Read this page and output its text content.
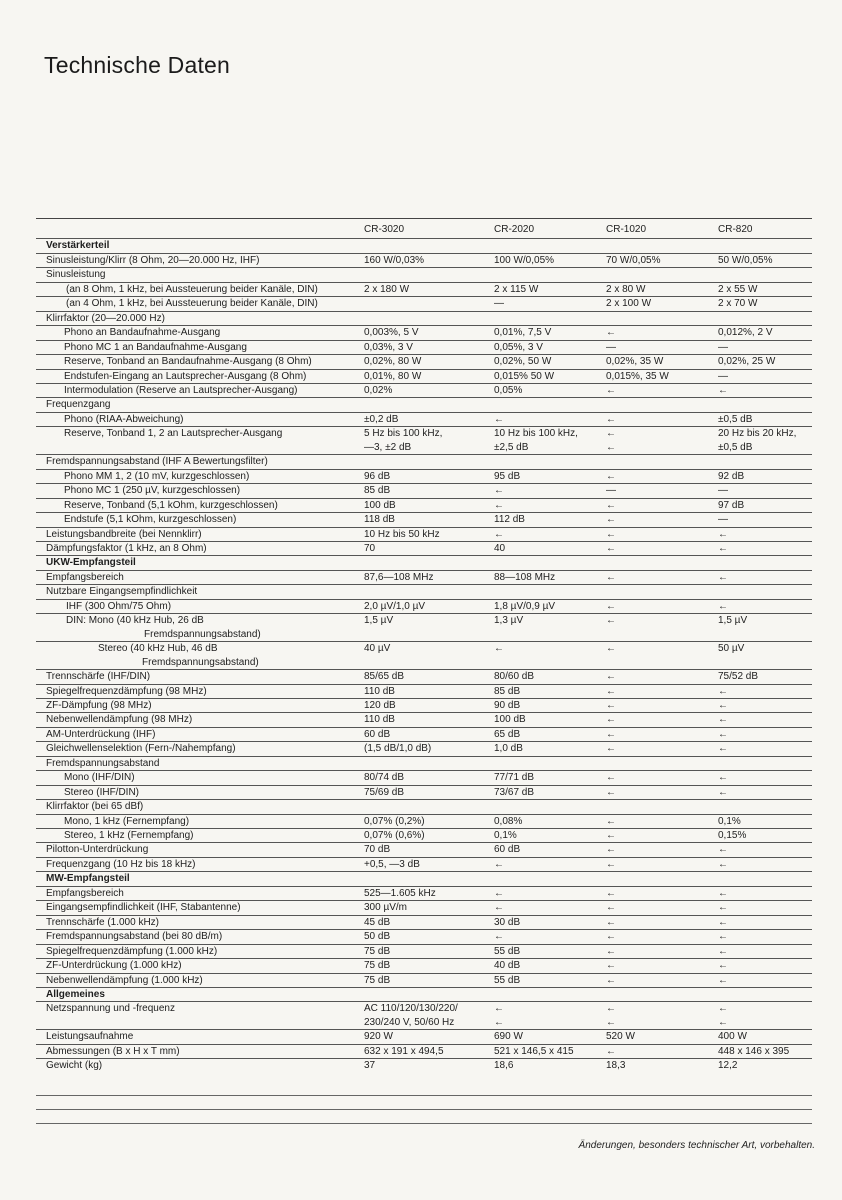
Technische Daten
	CR-3020	CR-2020	CR-1020	CR-820
Verstärkerteil				
Sinusleistung/Klirr (8 Ohm, 20—20.000 Hz, IHF)	160 W/0,03%	100 W/0,05%	70 W/0,05%	50 W/0,05%
Sinusleistung				
(an 8 Ohm, 1 kHz, bei Aussteuerung beider Kanäle, DIN)	2 x 180 W	2 x 115 W	2 x 80 W	2 x 55 W
(an 4 Ohm, 1 kHz, bei Aussteuerung beider Kanäle, DIN)		—	2 x 100 W	2 x 70 W
Klirrfaktor (20—20.000 Hz)				
Phono an Bandaufnahme-Ausgang	0,003%, 5 V	0,01%, 7,5 V	←	0,012%, 2 V
Phono MC 1 an Bandaufnahme-Ausgang	0,03%, 3 V	0,05%, 3 V	—	—
Reserve, Tonband an Bandaufnahme-Ausgang (8 Ohm)	0,02%, 80 W	0,02%, 50 W	0,02%, 35 W	0,02%, 25 W
Endstufen-Eingang an Lautsprecher-Ausgang (8 Ohm)	0,01%, 80 W	0,015% 50 W	0,015%, 35 W	—
Intermodulation (Reserve an Lautsprecher-Ausgang)	0,02%	0,05%	←	←
Frequenzgang				
Phono (RIAA-Abweichung)	±0,2 dB	←	←	±0,5 dB
Reserve, Tonband 1, 2 an Lautsprecher-Ausgang	5 Hz bis 100 kHz,	10 Hz bis 100 kHz,	←	20 Hz bis 20 kHz,
	—3, ±2 dB	±2,5 dB	←	±0,5 dB
Fremdspannungsabstand (IHF A Bewertungsfilter)				
Phono MM 1, 2 (10 mV, kurzgeschlossen)	96 dB	95 dB	←	92 dB
Phono MC 1 (250 µV, kurzgeschlossen)	85 dB	←	—	—
Reserve, Tonband (5,1 kOhm, kurzgeschlossen)	100 dB	←	←	97 dB
Endstufe (5,1 kOhm, kurzgeschlossen)	118 dB	112 dB	←	—
Leistungsbandbreite (bei Nennklirr)	10 Hz bis 50 kHz	←	←	←
Dämpfungsfaktor (1 kHz, an 8 Ohm)	70	40	←	←
UKW-Empfangsteil				
Empfangsbereich	87,6—108 MHz	88—108 MHz	←	←
Nutzbare Eingangsempfindlichkeit				
IHF (300 Ohm/75 Ohm)	2,0 µV/1,0 µV	1,8 µV/0,9 µV	←	←
DIN: Mono (40 kHz Hub, 26 dB	1,5 µV	1,3 µV	←	1,5 µV
Fremdspannungsabstand)				
Stereo (40 kHz Hub, 46 dB	40 µV	←	←	50 µV
Fremdspannungsabstand)				
Trennschärfe (IHF/DIN)	85/65 dB	80/60 dB	←	75/52 dB
Spiegelfrequenzdämpfung (98 MHz)	110 dB	85 dB	←	←
ZF-Dämpfung (98 MHz)	120 dB	90 dB	←	←
Nebenwellendämpfung (98 MHz)	110 dB	100 dB	←	←
AM-Unterdrückung (IHF)	60 dB	65 dB	←	←
Gleichwellenselektion (Fern-/Nahempfang)	(1,5 dB/1,0 dB)	1,0 dB	←	←
Fremdspannungsabstand				
Mono (IHF/DIN)	80/74 dB	77/71 dB	←	←
Stereo (IHF/DIN)	75/69 dB	73/67 dB	←	←
Klirrfaktor (bei 65 dBf)				
Mono, 1 kHz (Fernempfang)	0,07% (0,2%)	0,08%	←	0,1%
Stereo, 1 kHz (Fernempfang)	0,07% (0,6%)	0,1%	←	0,15%
Pilotton-Unterdrückung	70 dB	60 dB	←	←
Frequenzgang (10 Hz bis 18 kHz)	+0,5, —3 dB	←	←	←
MW-Empfangsteil				
Empfangsbereich	525—1.605 kHz	←	←	←
Eingangsempfindlichkeit (IHF, Stabantenne)	300 µV/m	←	←	←
Trennschärfe (1.000 kHz)	45 dB	30 dB	←	←
Fremdspannungsabstand (bei 80 dB/m)	50 dB	←	←	←
Spiegelfrequenzdämpfung (1.000 kHz)	75 dB	55 dB	←	←
ZF-Unterdrückung (1.000 kHz)	75 dB	40 dB	←	←
Nebenwellendämpfung (1.000 kHz)	75 dB	55 dB	←	←
Allgemeines				
Netzspannung und -frequenz	AC 110/120/130/220/	←	←	←
	230/240 V, 50/60 Hz	←	←	←
Leistungsaufnahme	920 W	690 W	520 W	400 W
Abmessungen (B x H x T mm)	632 x 191 x 494,5	521 x 146,5 x 415	←	448 x 146 x 395
Gewicht (kg)	37	18,6	18,3	12,2
Änderungen, besonders technischer Art, vorbehalten.
